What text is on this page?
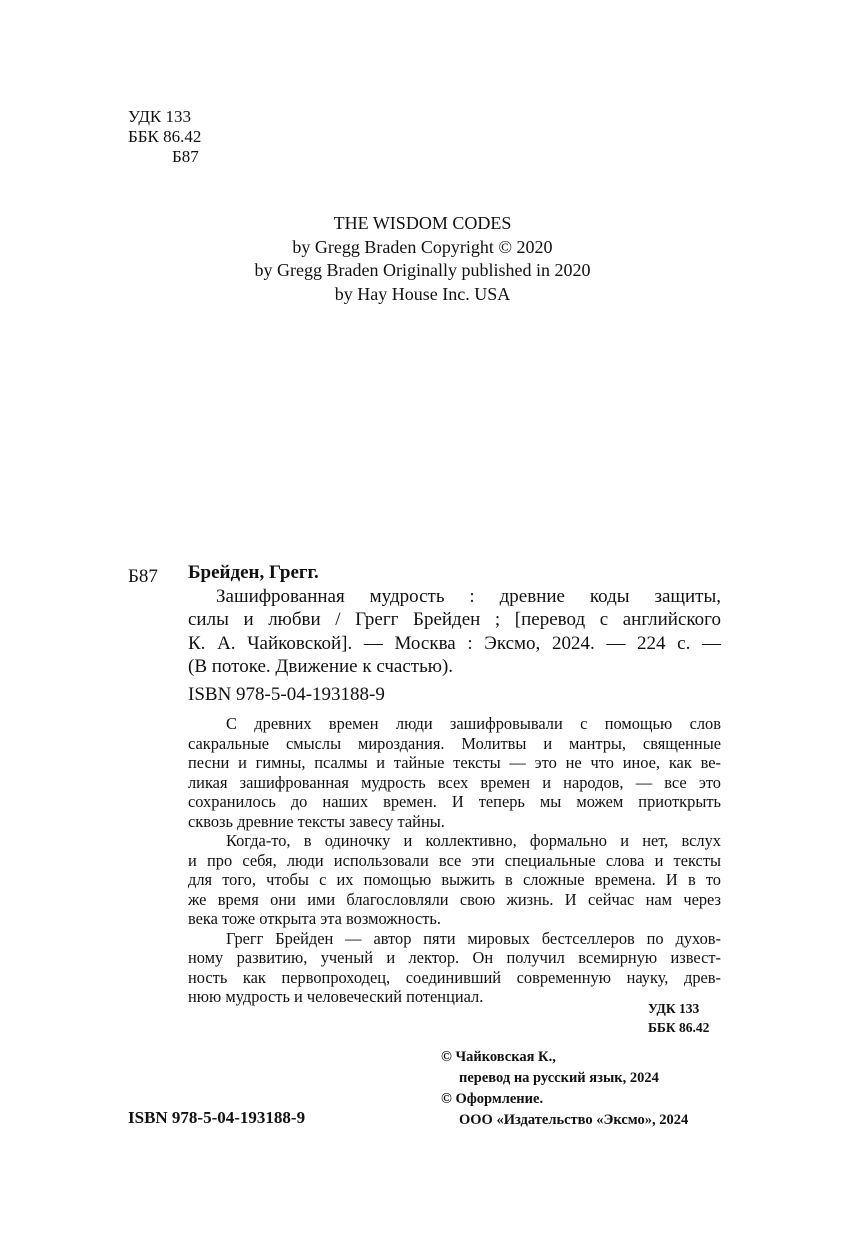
УДК 133
ББК 86.42
Б87
THE WISDOM CODES
by Gregg Braden Copyright © 2020
by Gregg Braden Originally published in 2020
by Hay House Inc. USA
Б87 Брейден, Грегг.
Зашифрованная мудрость : древние коды защиты,
силы и любви / Грегг Брейден ; [перевод с английского
К. А. Чайковской]. — Москва : Эксмо, 2024. — 224 с. —
(В потоке. Движение к счастью).
ISBN 978-5-04-193188-9
С древних времен люди зашифровывали с помощью слов
сакральные смыслы мироздания. Молитвы и мантры, священные
песни и гимны, псалмы и тайные тексты — это не что иное, как ве-
ликая зашифрованная мудрость всех времен и народов, — все это
сохранилось до наших времен. И теперь мы можем приоткрыть
сквозь древние тексты завесу тайны.
Когда-то, в одиночку и коллективно, формально и нет, вслух
и про себя, люди использовали все эти специальные слова и тексты
для того, чтобы с их помощью выжить в сложные времена. И в то
же время они ими благословляли свою жизнь. И сейчас нам через
века тоже открыта эта возможность.
Грегг Брейден — автор пяти мировых бестселлеров по духов-
ному развитию, ученый и лектор. Он получил всемирную извест-
ность как первопроходец, соединивший современную науку, древ-
нюю мудрость и человеческий потенциал.
УДК 133
ББК 86.42
© Чайковская К.,
перевод на русский язык, 2024
© Оформление.
ООО «Издательство «Эксмо», 2024
ISBN 978-5-04-193188-9
